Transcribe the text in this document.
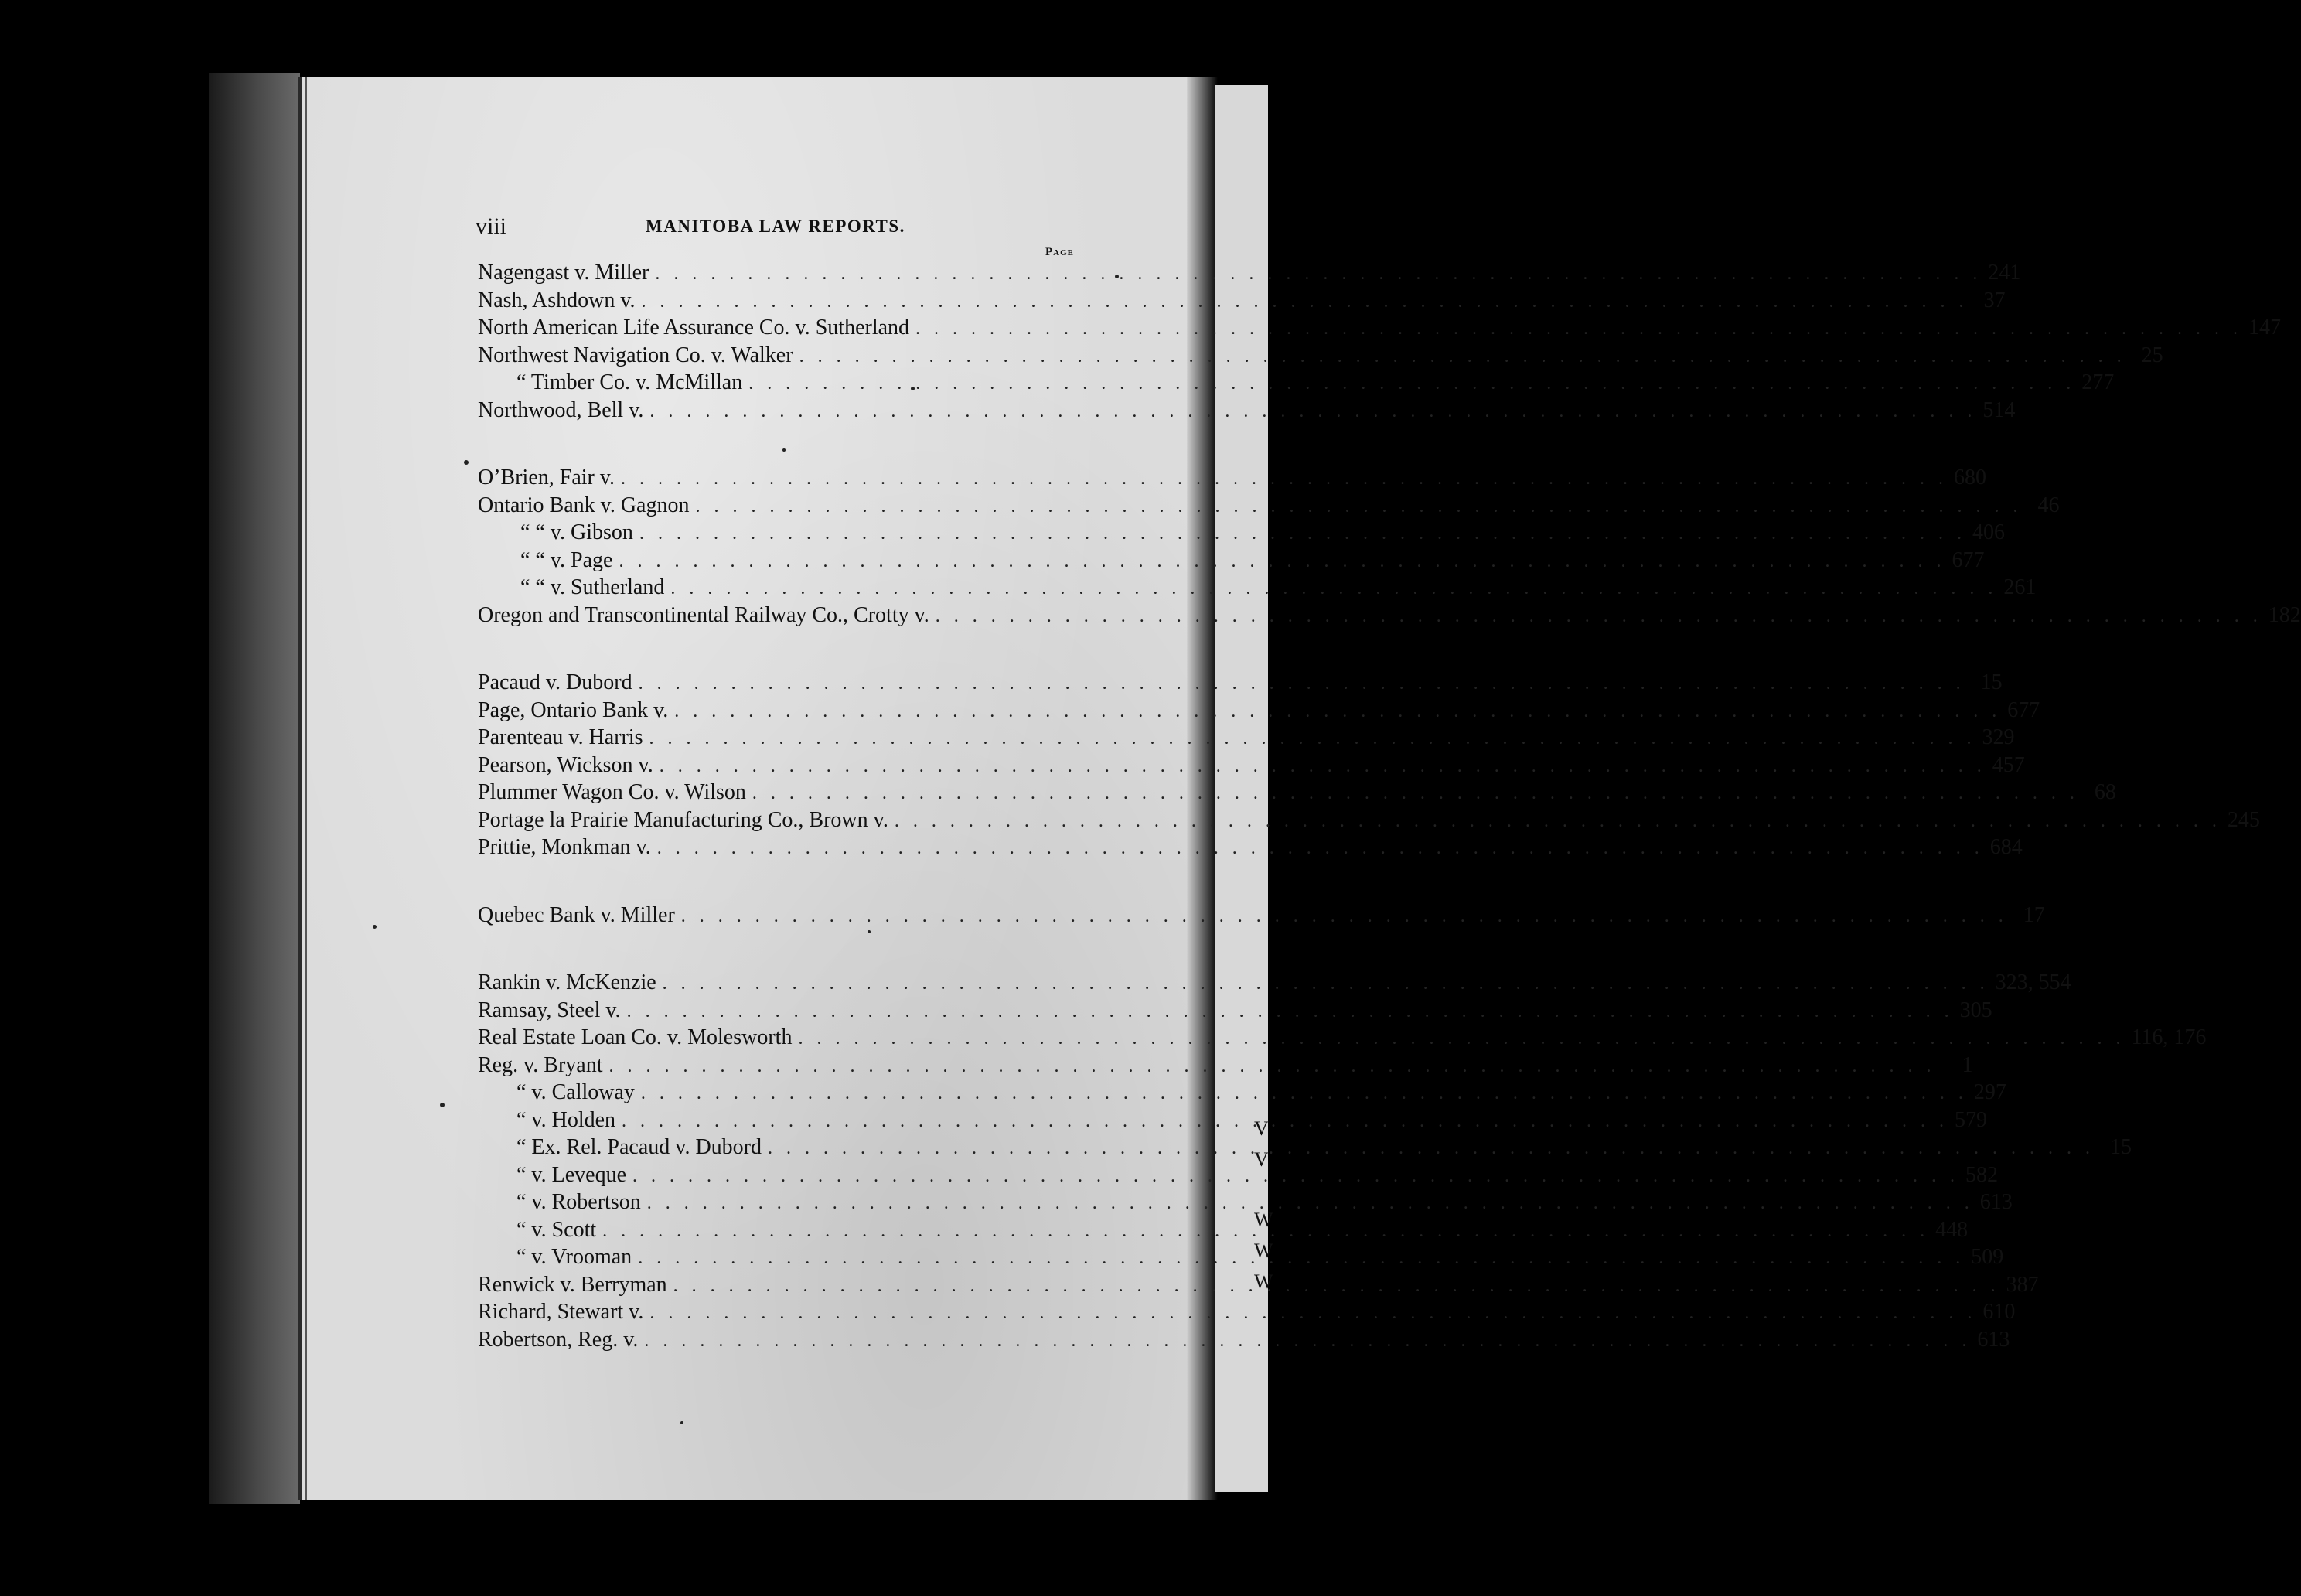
V
V
W
W
W
viii	MANITOBA LAW REPORTS.
Page
Nagengast v. Miller . . .	241
Nash, Ashdown v. . . .	37
North American Life Assurance Co. v. Sutherland . . .	147
Northwest Navigation Co. v. Walker . . .	25
“ Timber Co. v. McMillan . . .	277
Northwood, Bell v. . . .	514
O’Brien, Fair v. . . .	680
Ontario Bank v. Gagnon . . .	46
“ “ v. Gibson . . .	406
“ “ v. Page . . .	677
“ “ v. Sutherland . . .	261
Oregon and Transcontinental Railway Co., Crotty v. . . .	182
Pacaud v. Dubord . . .	15
Page, Ontario Bank v. . . .	677
Parenteau v. Harris . . .	329
Pearson, Wickson v. . . .	457
Plummer Wagon Co. v. Wilson . . .	68
Portage la Prairie Manufacturing Co., Brown v. . . .	245
Prittie, Monkman v. . . .	684
Quebec Bank v. Miller . . .	17
Rankin v. McKenzie . . .	323, 554
Ramsay, Steel v. . . .	305
Real Estate Loan Co. v. Molesworth . . .	116, 176
Reg. v. Bryant . . .	1
“ v. Calloway . . .	297
“ v. Holden . . .	579
“ Ex. Rel. Pacaud v. Dubord . . .	15
“ v. Leveque . . .	582
“ v. Robertson . . .	613
“ v. Scott . . .	448
“ v. Vrooman . . .	509
Renwick v. Berryman . . .	387
Richard, Stewart v. . . .	610
Robertson, Reg. v. . . .	613
